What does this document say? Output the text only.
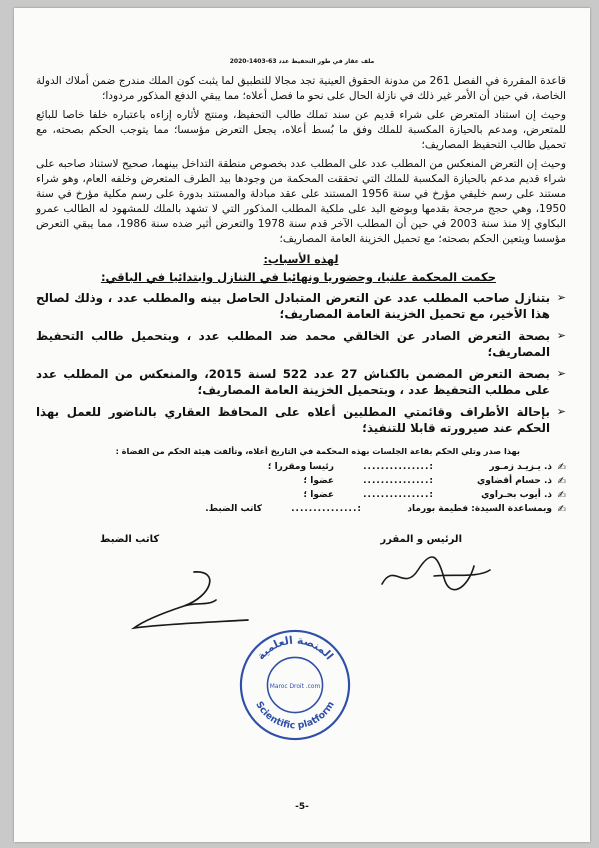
ملف عقار في طور التحفيظ عدد 63-1403-2020

قاعدة المقررة في الفصل 261 من مدونة الحقوق العينية تجد مجالا للتطبيق لما يثبت كون الملك مندرج ضمن أملاك الدولة الخاصة، في حين أن الأمر غير ذلك في نازلة الحال على نحو ما فصل أعلاه؛ مما يبقي الدفع المذكور مردودا؛

وحيث إن استناد المتعرض على شراء قديم عن سند تملك طالب التحفيظ، ومنتج لأثاره إزاءه باعتباره خلفا خاصا للبائع للمتعرض، ومدعم بالحيازة المكسبة للملك وفق ما بُسط أعلاه، يجعل التعرض مؤسسا؛ مما يتوجب الحكم بصحته، مع تحميل طالب التحفيظ المصاريف؛

وحيث إن التعرض المنعكس من المطلب عدد على المطلب عدد بخصوص منطقة التداخل بينهما، صحيح لاستناد صاحبه على شراء قديم مدعم بالحيازة المكسبة للملك التي تحققت المحكمة من وجودها بيد الطرف المتعرض وخلفه العام، وهو شراء مستند على رسم خليفي مؤرخ في سنة 1956 المستند على عقد مبادلة والمستند بدورة على رسم مكلية مؤرخ في سنة 1950، وهي حجج مرجحة بقدمها وبوضع اليد على ملكية المطلب المذكور التي لا تشهد بالملك للمشهود له الطالب عمرو البكاوي إلا منذ سنة 2003 في حين أن المطلب الآخر قدم سنة 1978 والتعرض أثير ضده سنة 1986، مما يبقي التعرض مؤسسا ويتعين الحكم بصحته؛ مع تحميل الخزينة العامة المصاريف؛

لهذه الأسباب:
حكمت المحكمة علنيا، وحضوريا ونهائيا في التنازل وابتدائيا في الباقي:
➢
بتنازل صاحب المطلب عدد عن التعرض المتبادل الحاصل بينه والمطلب عدد ، وذلك لصالح هذا الأخير، مع تحميل الخزينة العامة المصاريف؛
➢
بصحة التعرض الصادر عن الخالقي محمد ضد المطلب عدد ، وبتحميل طالب التحفيظ المصاريف؛
➢
بصحة التعرض المضمن بالكناش 27 عدد 522 لسنة 2015، والمنعكس من المطلب عدد على مطلب التحفيظ عدد ، وبتحميل الخزينة العامة المصاريف؛
➢
بإحالة الأطراف وقائمتي المطلبين أعلاه على المحافظ العقاري بالناضور للعمل بهذا الحكم عند صيرورته قابلا للتنفيذ؛
بهذا صدر وتلي الحكم بقاعة الجلسات بهذه المحكمة في التاريخ أعلاه، وتألفت هيئة الحكم من القضاة :
✍
ذ. يـزيـد زمـور
:...............
رئيسا ومقررا ؛
✍
ذ. حسام أقضاوي
:...............
عضوا ؛
✍
ذ. أيوب بحـراوي
:...............
عضوا ؛
✍
وبمساعدة السيدة: فطيمة بورماد
:...............
كاتب الضبط.
الرئيس و المقرر
كاتب الضبط
المنصة العلمية
Scientific platform
Maroc Droit .com
-5-
